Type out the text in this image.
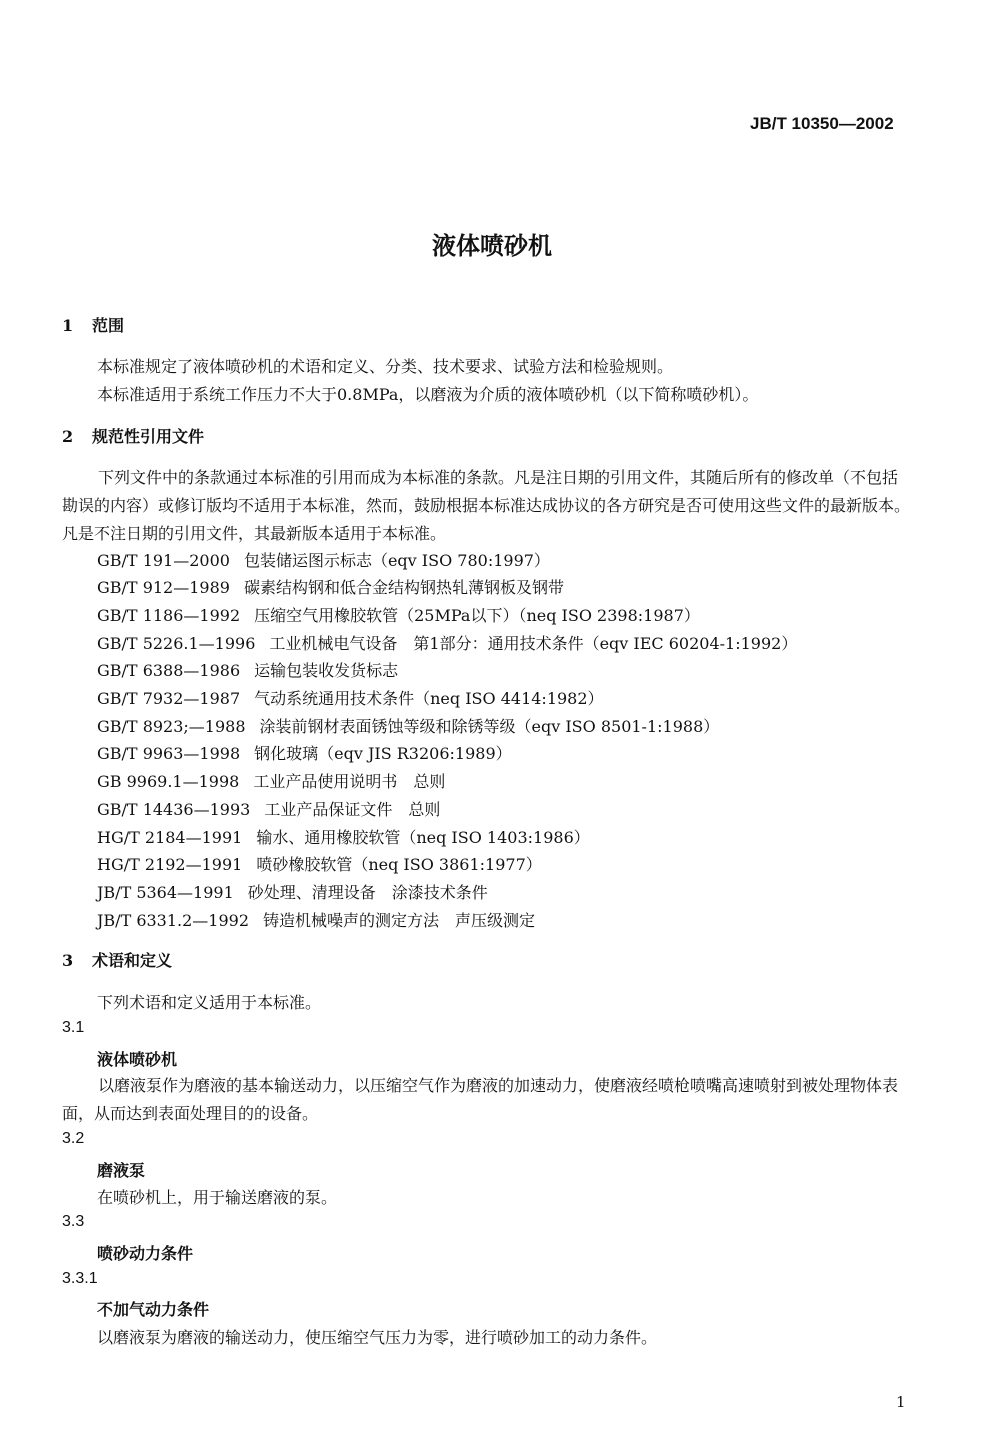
JB/T 10350—2002
液体喷砂机
1 范围
本标准规定了液体喷砂机的术语和定义、分类、技术要求、试验方法和检验规则。
本标准适用于系统工作压力不大于0.8MPa，以磨液为介质的液体喷砂机（以下简称喷砂机）。
2 规范性引用文件
下列文件中的条款通过本标准的引用而成为本标准的条款。凡是注日期的引用文件，其随后所有的修改单（不包括勘误的内容）或修订版均不适用于本标准，然而，鼓励根据本标准达成协议的各方研究是否可使用这些文件的最新版本。凡是不注日期的引用文件，其最新版本适用于本标准。
GB/T 191—2000 包装储运图示标志（eqv ISO 780:1997）
GB/T 912—1989 碳素结构钢和低合金结构钢热轧薄钢板及钢带
GB/T 1186—1992 压缩空气用橡胶软管（25MPa以下）（neq ISO 2398:1987）
GB/T 5226.1—1996 工业机械电气设备　第1部分：通用技术条件（eqv IEC 60204-1:1992）
GB/T 6388—1986 运输包装收发货标志
GB/T 7932—1987 气动系统通用技术条件（neq ISO 4414:1982）
GB/T 8923;—1988 涂装前钢材表面锈蚀等级和除锈等级（eqv ISO 8501-1:1988）
GB/T 9963—1998 钢化玻璃（eqv JIS R3206:1989）
GB 9969.1—1998 工业产品使用说明书　总则
GB/T 14436—1993 工业产品保证文件　总则
HG/T 2184—1991 输水、通用橡胶软管（neq ISO 1403:1986）
HG/T 2192—1991 喷砂橡胶软管（neq ISO 3861:1977）
JB/T 5364—1991 砂处理、清理设备　涂漆技术条件
JB/T 6331.2—1992 铸造机械噪声的测定方法　声压级测定
3 术语和定义
下列术语和定义适用于本标准。
3.1
液体喷砂机
以磨液泵作为磨液的基本输送动力，以压缩空气作为磨液的加速动力，使磨液经喷枪喷嘴高速喷射到被处理物体表面，从而达到表面处理目的的设备。
3.2
磨液泵
在喷砂机上，用于输送磨液的泵。
3.3
喷砂动力条件
3.3.1
不加气动力条件
以磨液泵为磨液的输送动力，使压缩空气压力为零，进行喷砂加工的动力条件。
1
